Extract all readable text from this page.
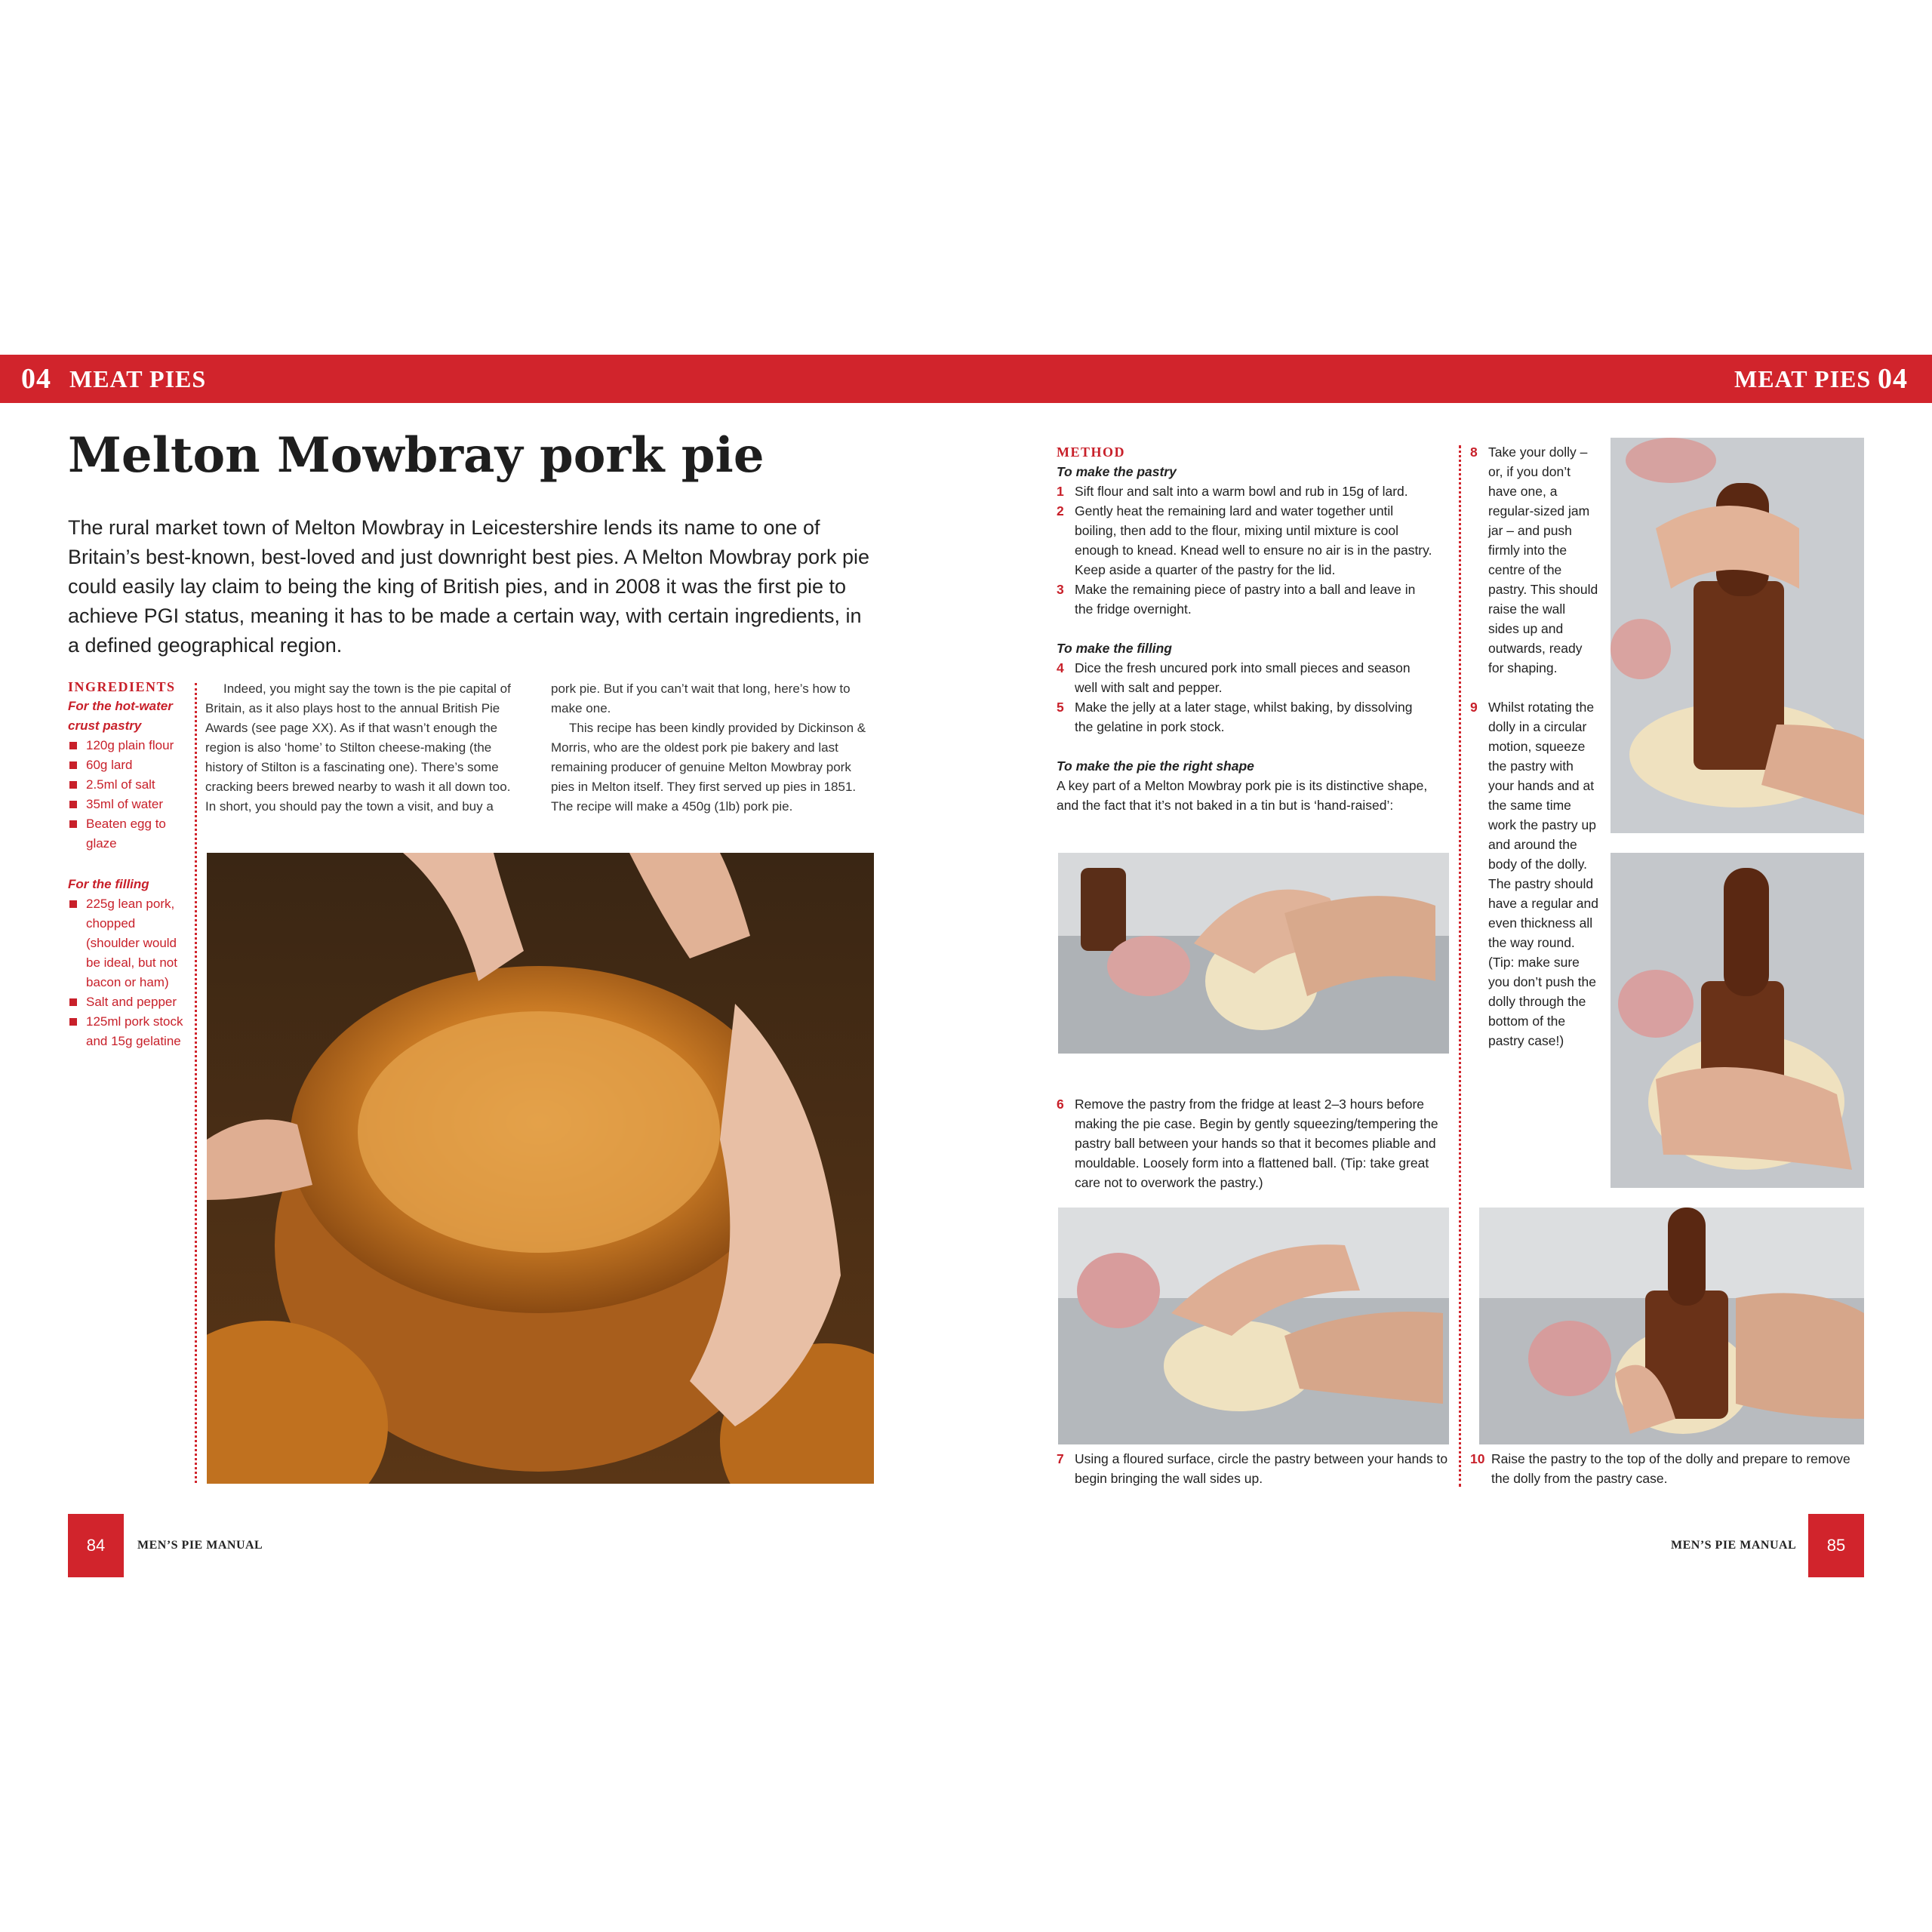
04 MEAT PIES	MEAT PIES 04
Melton Mowbray pork pie
The rural market town of Melton Mowbray in Leicestershire lends its name to one of Britain’s best-known, best-loved and just downright best pies. A Melton Mowbray pork pie could easily lay claim to being the king of British pies, and in 2008 it was the first pie to achieve PGI status, meaning it has to be made a certain way, with certain ingredients, in a defined geographical region.
INGREDIENTS
For the hot-water crust pastry
120g plain flour
60g lard
2.5ml of salt
35ml of water
Beaten egg to glaze
For the filling
225g lean pork, chopped (shoulder would be ideal, but not bacon or ham)
Salt and pepper
125ml pork stock and 15g gelatine

Indeed, you might say the town is the pie capital of Britain, as it also plays host to the annual British Pie Awards (see page XX). As if that wasn’t enough the region is also ‘home’ to Stilton cheese-making (the history of Stilton is a fascinating one). There’s some cracking beers brewed nearby to wash it all down too. In short, you should pay the town a visit, and buy a

pork pie. But if you can’t wait that long, here’s how to make one.

This recipe has been kindly provided by Dickinson & Morris, who are the oldest pork pie bakery and last remaining producer of genuine Melton Mowbray pork pies in Melton itself. They first served up pies in 1851. The recipe will make a 450g (1lb) pork pie.

84	MEN’S PIE MANUAL
METHOD
To make the pastry
1 Sift flour and salt into a warm bowl and rub in 15g of lard.
2 Gently heat the remaining lard and water together until boiling, then add to the flour, mixing until mixture is cool enough to knead. Knead well to ensure no air is in the pastry. Keep aside a quarter of the pastry for the lid.
3 Make the remaining piece of pastry into a ball and leave in the fridge overnight.
To make the filling
4 Dice the fresh uncured pork into small pieces and season well with salt and pepper.
5 Make the jelly at a later stage, whilst baking, by dissolving the gelatine in pork stock.
To make the pie the right shape
A key part of a Melton Mowbray pork pie is its distinctive shape, and the fact that it’s not baked in a tin but is ‘hand-raised’:
6 Remove the pastry from the fridge at least 2–3 hours before making the pie case. Begin by gently squeezing/tempering the pastry ball between your hands so that it becomes pliable and mouldable. Loosely form into a flattened ball. (Tip: take great care not to overwork the pastry.)
7 Using a floured surface, circle the pastry between your hands to begin bringing the wall sides up.
8 Take your dolly – or, if you don’t have one, a regular-sized jam jar – and push firmly into the centre of the pastry. This should raise the wall sides up and outwards, ready for shaping.
9 Whilst rotating the dolly in a circular motion, squeeze the pastry with your hands and at the same time work the pastry up and around the body of the dolly. The pastry should have a regular and even thickness all the way round. (Tip: make sure you don’t push the dolly through the bottom of the pastry case!)
10 Raise the pastry to the top of the dolly and prepare to remove the dolly from the pastry case.
MEN’S PIE MANUAL	85
